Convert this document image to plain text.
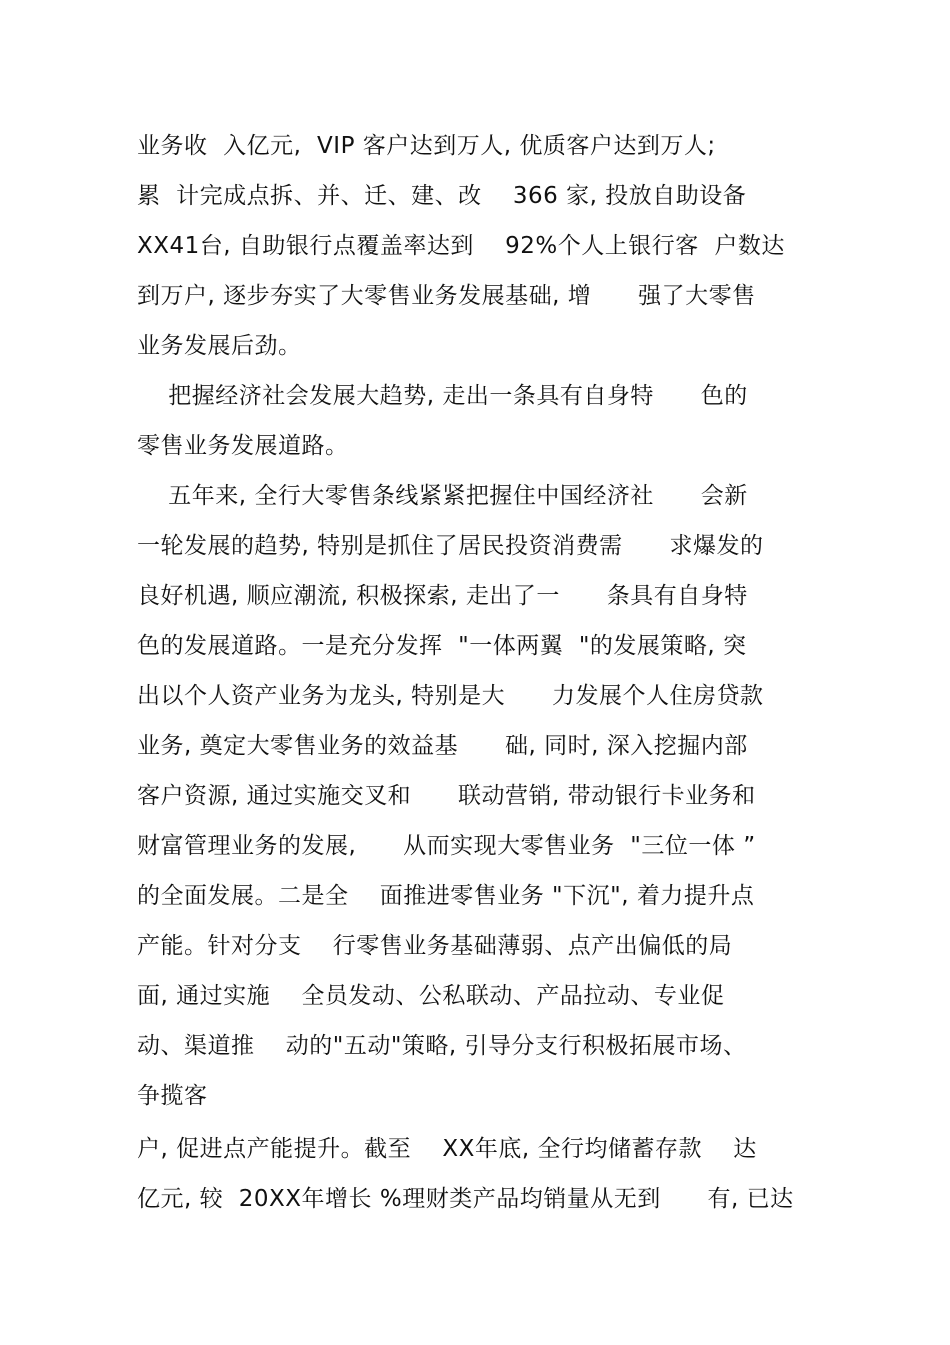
业务收  入亿元,  VIP 客户达到万人, 优质客户达到万人;
累  计完成点拆、并、迁、建、改    366 家, 投放自助设备
XX41台, 自助银行点覆盖率达到    92%个人上银行客  户数达
到万户, 逐步夯实了大零售业务发展基础, 增      强了大零售
业务发展后劲。
把握经济社会发展大趋势, 走出一条具有自身特      色的
零售业务发展道路。
五年来, 全行大零售条线紧紧把握住中国经济社      会新
一轮发展的趋势, 特别是抓住了居民投资消费需      求爆发的
良好机遇, 顺应潮流, 积极探索, 走出了一      条具有自身特
色的发展道路。一是充分发挥  "一体两翼  "的发展策略, 突
出以个人资产业务为龙头, 特别是大      力发展个人住房贷款
业务, 奠定大零售业务的效益基      础, 同时, 深入挖掘内部
客户资源, 通过实施交叉和      联动营销, 带动银行卡业务和
财富管理业务的发展,      从而实现大零售业务  "三位一体 ”
的全面发展。二是全    面推进零售业务 "下沉", 着力提升点
产能。针对分支    行零售业务基础薄弱、点产出偏低的局
面, 通过实施    全员发动、公私联动、产品拉动、专业促
动、渠道推    动的"五动"策略, 引导分支行积极拓展市场、
争揽客
户, 促进点产能提升。截至    XX年底, 全行均储蓄存款    达
亿元, 较  20XX年增长 %理财类产品均销量从无到      有, 已达
